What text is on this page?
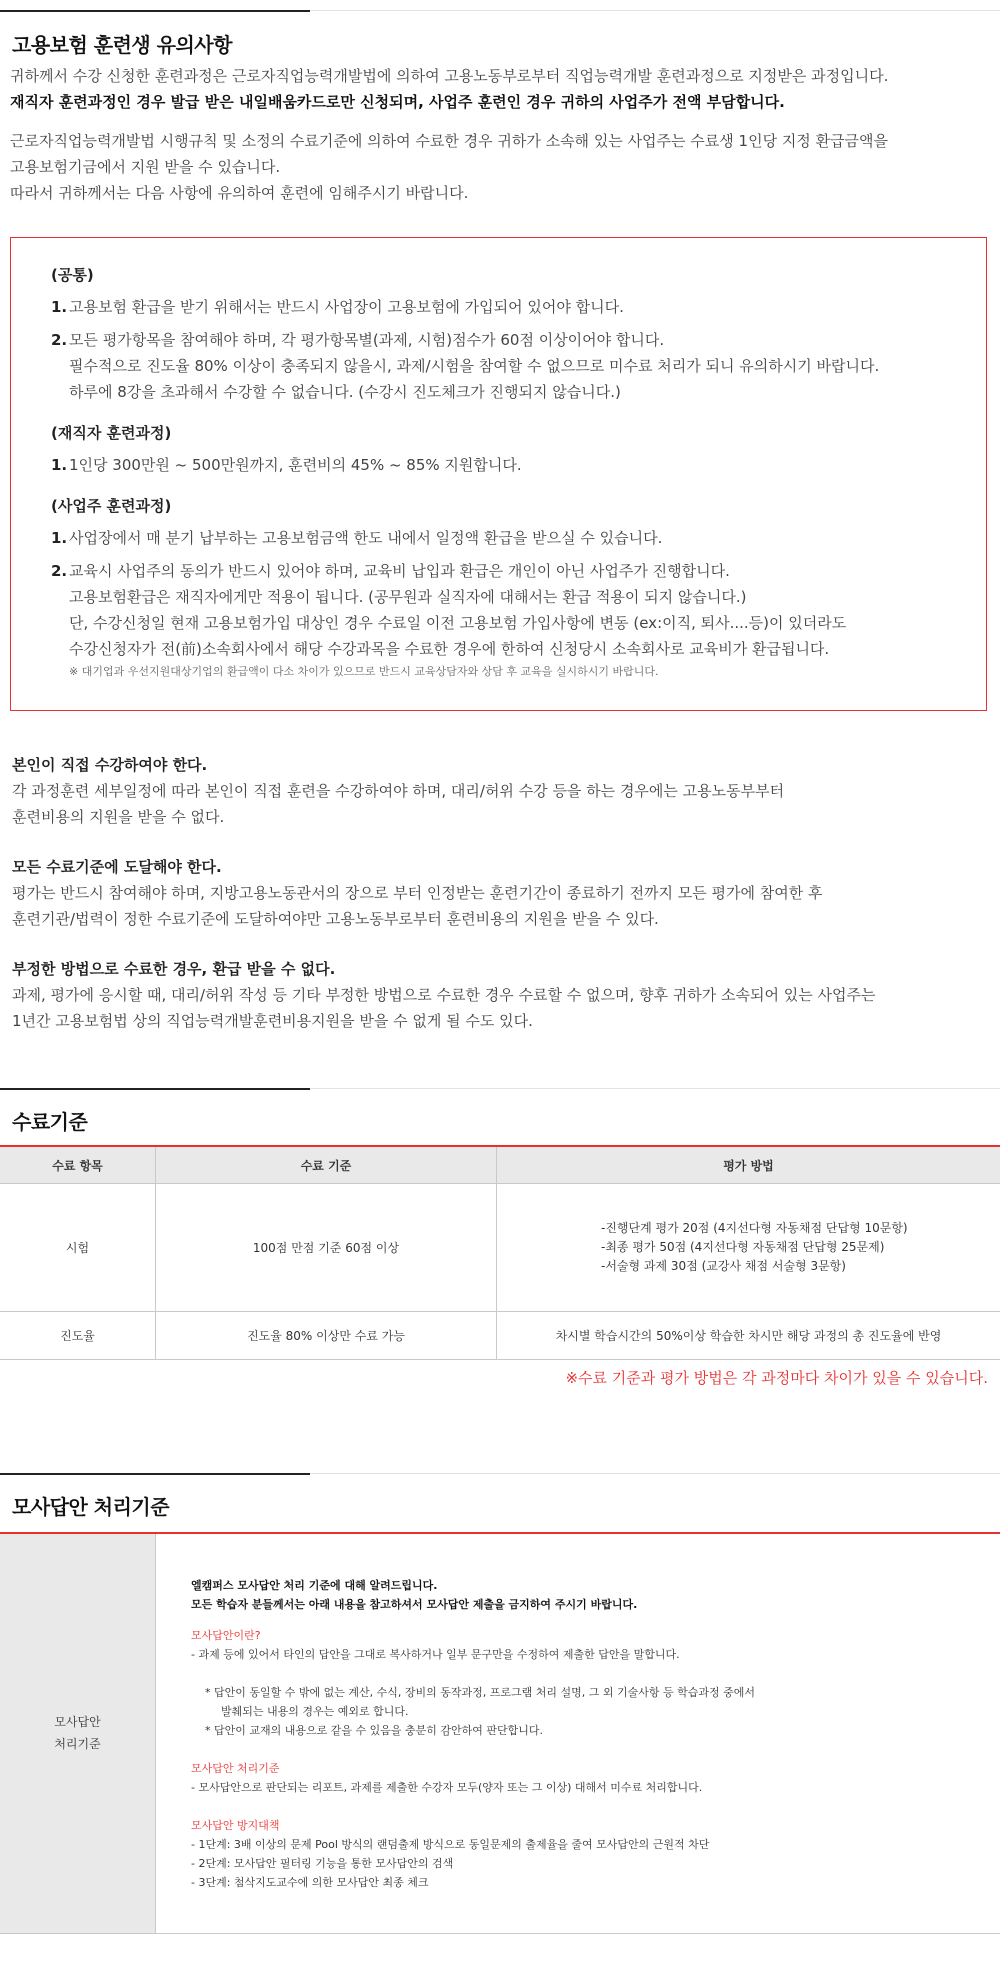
고용보험 훈련생 유의사항

귀하께서 수강 신청한 훈련과정은 근로자직업능력개발법에 의하여 고용노동부로부터 직업능력개발 훈련과정으로 지정받은 과정입니다.

재직자 훈련과정인 경우 발급 받은 내일배움카드로만 신청되며, 사업주 훈련인 경우 귀하의 사업주가 전액 부담합니다.

근로자직업능력개발법 시행규칙 및 소정의 수료기준에 의하여 수료한 경우 귀하가 소속해 있는 사업주는 수료생 1인당 지정 환급금액을

고용보험기금에서 지원 받을 수 있습니다.

따라서 귀하께서는 다음 사항에 유의하여 훈련에 임해주시기 바랍니다.

(공통)
1. 고용보험 환급을 받기 위해서는 반드시 사업장이 고용보험에 가입되어 있어야 합니다.

2. 모든 평가항목을 참여해야 하며, 각 평가항목별(과제, 시험)점수가 60점 이상이어야 합니다.

필수적으로 진도율 80% 이상이 충족되지 않을시, 과제/시험을 참여할 수 없으므로 미수료 처리가 되니 유의하시기 바랍니다.

하루에 8강을 초과해서 수강할 수 없습니다. (수강시 진도체크가 진행되지 않습니다.)

(재직자 훈련과정)
1. 1인당 300만원 ~ 500만원까지, 훈련비의 45% ~ 85% 지원합니다.

(사업주 훈련과정)
1. 사업장에서 매 분기 납부하는 고용보험금액 한도 내에서 일정액 환급을 받으실 수 있습니다.

2. 교육시 사업주의 동의가 반드시 있어야 하며, 교육비 납입과 환급은 개인이 아닌 사업주가 진행합니다.

고용보험환급은 재직자에게만 적용이 됩니다. (공무원과 실직자에 대해서는 환급 적용이 되지 않습니다.)

단, 수강신청일 현재 고용보험가입 대상인 경우 수료일 이전 고용보험 가입사항에 변동 (ex:이직, 퇴사....등)이 있더라도

수강신청자가 전(前)소속회사에서 해당 수강과목을 수료한 경우에 한하여 신청당시 소속회사로 교육비가 환급됩니다.

※ 대기업과 우선지원대상기업의 환급액이 다소 차이가 있으므로 반드시 교육상담자와 상담 후 교육을 실시하시기 바랍니다.

본인이 직접 수강하여야 한다.

각 과정훈련 세부일정에 따라 본인이 직접 훈련을 수강하여야 하며, 대리/허위 수강 등을 하는 경우에는 고용노동부부터

훈련비용의 지원을 받을 수 없다.

모든 수료기준에 도달해야 한다.

평가는 반드시 참여해야 하며, 지방고용노동관서의 장으로 부터 인정받는 훈련기간이 종료하기 전까지 모든 평가에 참여한 후

훈련기관/법력이 정한 수료기준에 도달하여야만 고용노동부로부터 훈련비용의 지원을 받을 수 있다.

부정한 방법으로 수료한 경우, 환급 받을 수 없다.

과제, 평가에 응시할 때, 대리/허위 작성 등 기타 부정한 방법으로 수료한 경우 수료할 수 없으며, 향후 귀하가 소속되어 있는 사업주는

1년간 고용보험법 상의 직업능력개발훈련비용지원을 받을 수 없게 될 수도 있다.

수료기준
수료 항목	수료 기준	평가 방법
시험	100점 만점 기준 60점 이상	-진행단계 평가 20점 (4지선다형 자동채점 단답형 10문항)
-최종 평가 50점 (4지선다형 자동채점 단답형 25문제)
-서술형 과제 30점 (교강사 채점 서술형 3문항)

진도율	진도율 80% 이상만 수료 가능	차시별 학습시간의 50%이상 학습한 차시만 해당 과정의 총 진도율에 반영
※수료 기준과 평가 방법은 각 과정마다 차이가 있을 수 있습니다.
모사답안 처리기준
모사답안
처리기준

엘캠퍼스 모사답안 처리 기준에 대해 알려드립니다.
모든 학습자 분들께서는 아래 내용을 참고하셔서 모사답안 제출을 금지하여 주시기 바랍니다.
모사답안이란?
- 과제 등에 있어서 타인의 답안을 그대로 복사하거나 일부 문구만을 수정하여 제출한 답안을 말합니다.
* 답안이 동일할 수 밖에 없는 계산, 수식, 장비의 동작과정, 프로그램 처리 설명, 그 외 기술사항 등 학습과정 중에서
발췌되는 내용의 경우는 예외로 합니다.
* 답안이 교재의 내용으로 같을 수 있음을 충분히 감안하여 판단합니다.
모사답안 처리기준
- 모사답안으로 판단되는 리포트, 과제를 제출한 수강자 모두(양자 또는 그 이상) 대해서 미수료 처리합니다.
모사답안 방지대책
- 1단계: 3배 이상의 문제 Pool 방식의 랜덤출제 방식으로 동일문제의 출제율을 줄여 모사답안의 근원적 차단
- 2단계: 모사답안 필터링 기능을 통한 모사답안의 검색
- 3단계: 첨삭지도교수에 의한 모사답안 최종 체크
